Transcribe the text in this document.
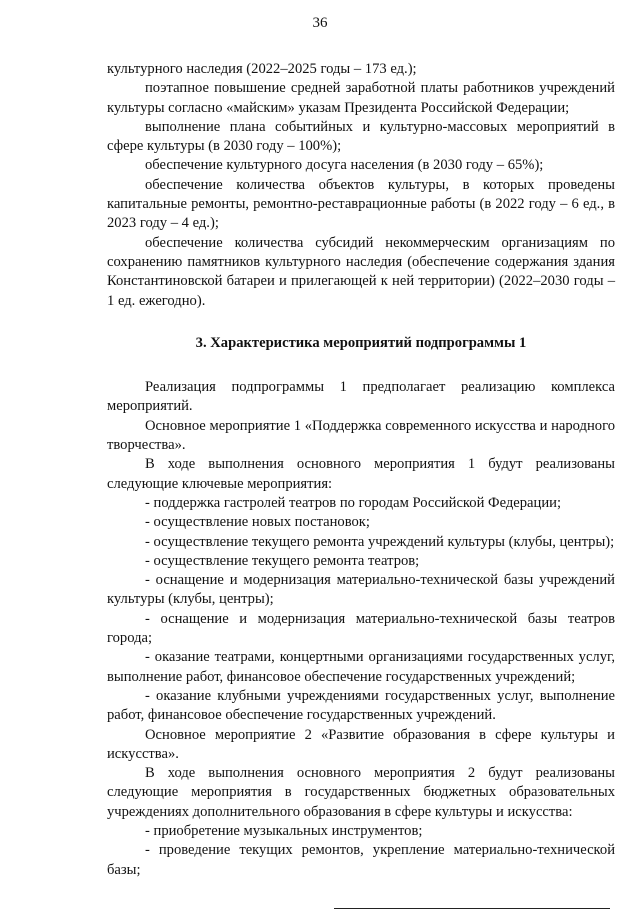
36

культурного наследия (2022–2025 годы – 173 ед.);

поэтапное повышение средней заработной платы работников учреждений культуры согласно «майским» указам Президента Российской Федерации;

выполнение плана событийных и культурно-массовых мероприятий в сфере культуры (в 2030 году – 100%);

обеспечение культурного досуга населения (в 2030 году – 65%);

обеспечение количества объектов культуры, в которых проведены капитальные ремонты, ремонтно-реставрационные работы (в 2022 году – 6 ед., в 2023 году – 4 ед.);

обеспечение количества субсидий некоммерческим организациям по сохранению памятников культурного наследия (обеспечение содержания здания Константиновской батареи и прилегающей к ней территории) (2022–2030 годы – 1 ед. ежегодно).

3. Характеристика мероприятий подпрограммы 1

Реализация подпрограммы 1 предполагает реализацию комплекса мероприятий.

Основное мероприятие 1 «Поддержка современного искусства и народного творчества».

В ходе выполнения основного мероприятия 1 будут реализованы следующие ключевые мероприятия:

- поддержка гастролей театров по городам Российской Федерации;

- осуществление новых постановок;

- осуществление текущего ремонта учреждений культуры (клубы, центры);

- осуществление текущего ремонта театров;

- оснащение и модернизация материально-технической базы учреждений культуры (клубы, центры);

- оснащение и модернизация материально-технической базы театров города;

- оказание театрами, концертными организациями государственных услуг, выполнение работ, финансовое обеспечение государственных учреждений;

- оказание клубными учреждениями государственных услуг, выполнение работ, финансовое обеспечение государственных учреждений.

Основное мероприятие 2 «Развитие образования в сфере культуры и искусства».

В ходе выполнения основного мероприятия 2 будут реализованы следующие мероприятия в государственных бюджетных образовательных учреждениях дополнительного образования в сфере культуры и искусства:

- приобретение музыкальных инструментов;

- проведение текущих ремонтов, укрепление материально-технической базы;
